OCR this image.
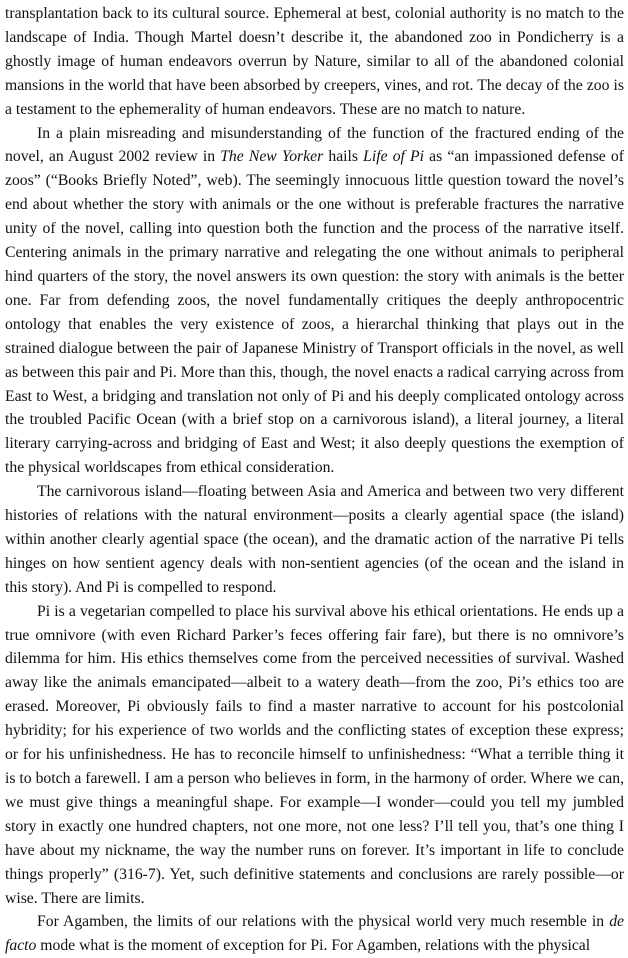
transplantation back to its cultural source. Ephemeral at best, colonial authority is no match to the landscape of India. Though Martel doesn’t describe it, the abandoned zoo in Pondicherry is a ghostly image of human endeavors overrun by Nature, similar to all of the abandoned colonial mansions in the world that have been absorbed by creepers, vines, and rot. The decay of the zoo is a testament to the ephemerality of human endeavors. These are no match to nature.

In a plain misreading and misunderstanding of the function of the fractured ending of the novel, an August 2002 review in The New Yorker hails Life of Pi as “an impassioned defense of zoos” (“Books Briefly Noted”, web). The seemingly innocuous little question toward the novel’s end about whether the story with animals or the one without is preferable fractures the narrative unity of the novel, calling into question both the function and the process of the narrative itself. Centering animals in the primary narrative and relegating the one without animals to peripheral hind quarters of the story, the novel answers its own question: the story with animals is the better one. Far from defending zoos, the novel fundamentally critiques the deeply anthropocentric ontology that enables the very existence of zoos, a hierarchal thinking that plays out in the strained dialogue between the pair of Japanese Ministry of Transport officials in the novel, as well as between this pair and Pi. More than this, though, the novel enacts a radical carrying across from East to West, a bridging and translation not only of Pi and his deeply complicated ontology across the troubled Pacific Ocean (with a brief stop on a carnivorous island), a literal journey, a literal literary carrying-across and bridging of East and West; it also deeply questions the exemption of the physical worldscapes from ethical consideration.

The carnivorous island—floating between Asia and America and between two very different histories of relations with the natural environment—posits a clearly agential space (the island) within another clearly agential space (the ocean), and the dramatic action of the narrative Pi tells hinges on how sentient agency deals with non-sentient agencies (of the ocean and the island in this story). And Pi is compelled to respond.

Pi is a vegetarian compelled to place his survival above his ethical orientations. He ends up a true omnivore (with even Richard Parker’s feces offering fair fare), but there is no omnivore’s dilemma for him. His ethics themselves come from the perceived necessities of survival. Washed away like the animals emancipated—albeit to a watery death—from the zoo, Pi’s ethics too are erased. Moreover, Pi obviously fails to find a master narrative to account for his postcolonial hybridity; for his experience of two worlds and the conflicting states of exception these express; or for his unfinishedness. He has to reconcile himself to unfinishedness: “What a terrible thing it is to botch a farewell. I am a person who believes in form, in the harmony of order. Where we can, we must give things a meaningful shape. For example—I wonder—could you tell my jumbled story in exactly one hundred chapters, not one more, not one less? I’ll tell you, that’s one thing I have about my nickname, the way the number runs on forever. It’s important in life to conclude things properly” (316-7). Yet, such definitive statements and conclusions are rarely possible—or wise. There are limits.

For Agamben, the limits of our relations with the physical world very much resemble in de facto mode what is the moment of exception for Pi. For Agamben, relations with the physical
